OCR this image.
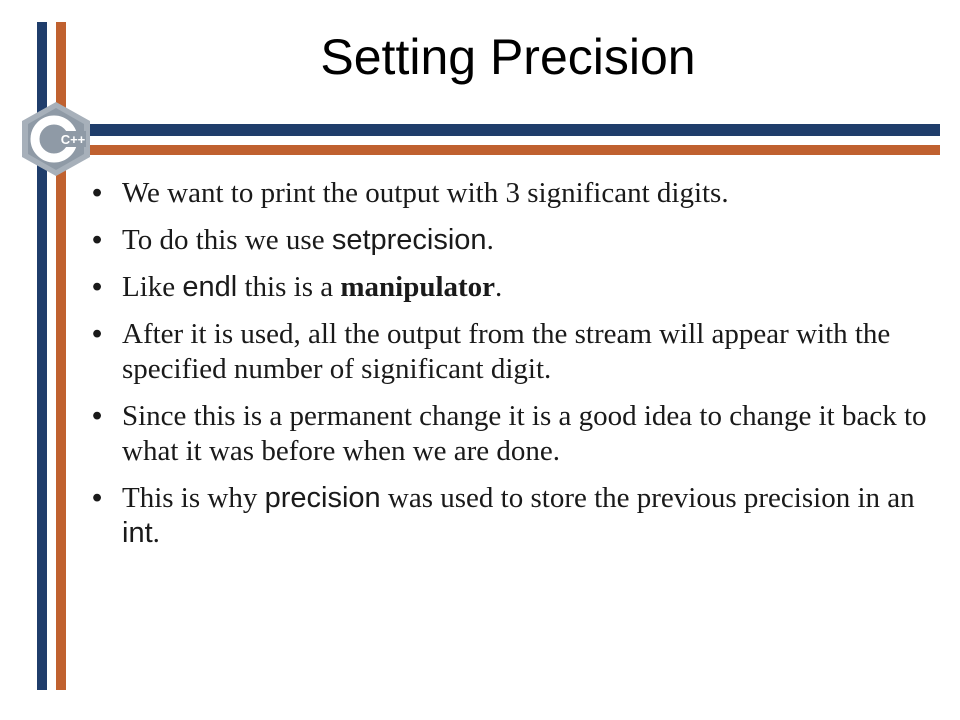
C++
Setting Precision
• We want to print the output with 3 significant digits.
• To do this we use setprecision.
• Like endl this is a manipulator.
• After it is used, all the output from the stream will appear with the specified number of significant digit.
• Since this is a permanent change it is a good idea to change it back to what it was before when we are done.
• This is why precision was used to store the previous precision in an int.
